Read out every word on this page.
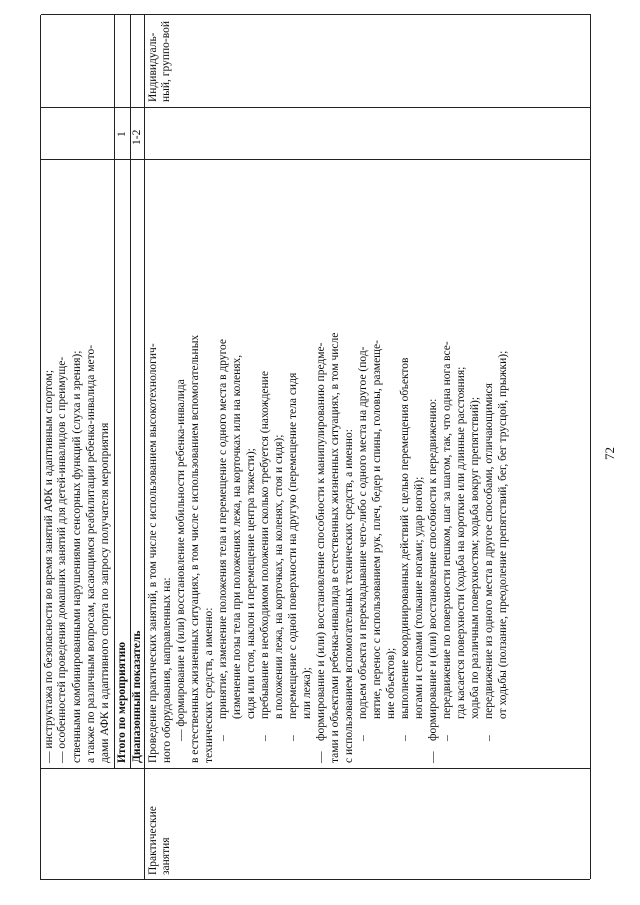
72
— инструктажа по безопасности во время занятий АФК и адаптивным спортом; — особенностей проведения домашних занятий для детей-инвалидов с преимуще- ственными комбинированными нарушениями сенсорных функций (слуха и зрения); а также по различным вопросам, касающимся реабилитации ребенка-инвалида мето- дами АФК и адаптивного спорта по запросу получателя мероприятия Итого по мероприятию
1
Диапазонный показатель
1-2
Практические занятия
Индивидуаль-ный, группо-вой
Проведение практических занятий, в том числе с использованием высокотехнологич- ного оборудования, направленных на: — формирование и (или) восстановление мобильности ребенка-инвалида в естественных жизненных ситуациях, в том числе с использованием вспомогательных технических средств, а именно: –
принятие, изменение положения тела и перемещение с одного места в другое (изменение позы тела при положениях лежа, на корточках или на коленях, сидя или стоя, наклон и перемещение центра тяжести);
–
пребывание в необходимом положении сколько требуется (нахождение в положении лежа, на корточках, на коленях, стоя и сидя);
–
перемещение с одной поверхности на другую (перемещение тела сидя или лежа);
—
формирование и (или) восстановление способности к манипулированию предме- тами и объектами ребенка-инвалида в естественных жизненных ситуациях, в том числе с использованием вспомогательных технических средств, а именно: –
подъем объекта и перекладывание чего-либо с одного места на другое (под- нятие, перенос с использованием рук, плеч, бедер и спины, головы, размеще- ние объектов);
–
выполнение координированных действий с целью перемещения объектов ногами и стопами (толкание ногами; удар ногой);
—
формирование и (или) восстановление способности к передвижению: –
передвижение по поверхности пешком, шаг за шагом, так, что одна нога все- гда касается поверхности (ходьба на короткие или длинные расстояния; ходьба по различным поверхностям; ходьба вокруг препятствий);
–
передвижение из одного места в другое способами, отличающимися от ходьбы (ползание, преодоление препятствий, бег, бег трусцой, прыжки);
